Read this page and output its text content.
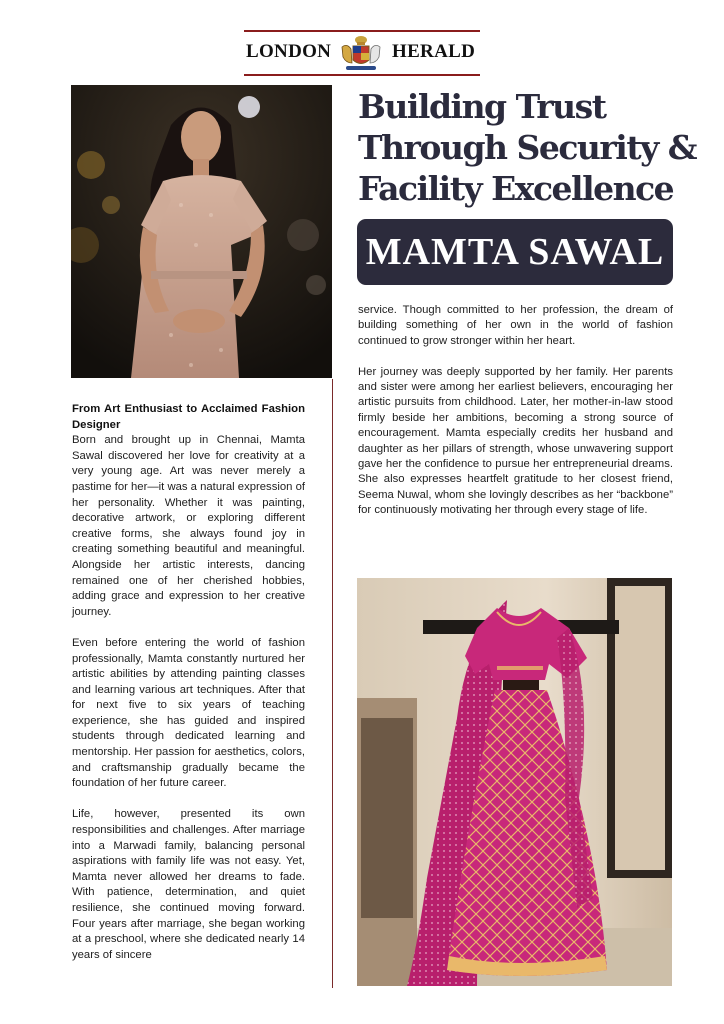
LONDON	HERALD
Building Trust
Through Security &
Facility Excellence
MAMTA SAWAL

From Art Enthusiast to Acclaimed Fashion Designer
Born and brought up in Chennai, Mamta Sawal discovered her love for creativity at a very young age. Art was never merely a pastime for her—it was a natural expression of her personality. Whether it was painting, decorative artwork, or exploring different creative forms, she always found joy in creating something beautiful and meaningful. Alongside her artistic interests, dancing remained one of her cherished hobbies, adding grace and expression to her creative journey.

Even before entering the world of fashion professionally, Mamta constantly nurtured her artistic abilities by attending painting classes and learning various art techniques. After that for next five to six years of teaching experience, she has guided and inspired students through dedicated learning and mentorship. Her passion for aesthetics, colors, and craftsmanship gradually became the foundation of her future career.

Life, however, presented its own responsibilities and challenges. After marriage into a Marwadi family, balancing personal aspirations with family life was not easy. Yet, Mamta never allowed her dreams to fade. With patience, determination, and quiet resilience, she continued moving forward. Four years after marriage, she began working at a preschool, where she dedicated nearly 14 years of sincere

service. Though committed to her profession, the dream of building something of her own in the world of fashion continued to grow stronger within her heart.

Her journey was deeply supported by her family. Her parents and sister were among her earliest believers, encouraging her artistic pursuits from childhood. Later, her mother-in-law stood firmly beside her ambitions, becoming a strong source of encouragement. Mamta especially credits her husband and daughter as her pillars of strength, whose unwavering support gave her the confidence to pursue her entrepreneurial dreams. She also expresses heartfelt gratitude to her closest friend, Seema Nuwal, whom she lovingly describes as her “backbone” for continuously motivating her through every stage of life.
